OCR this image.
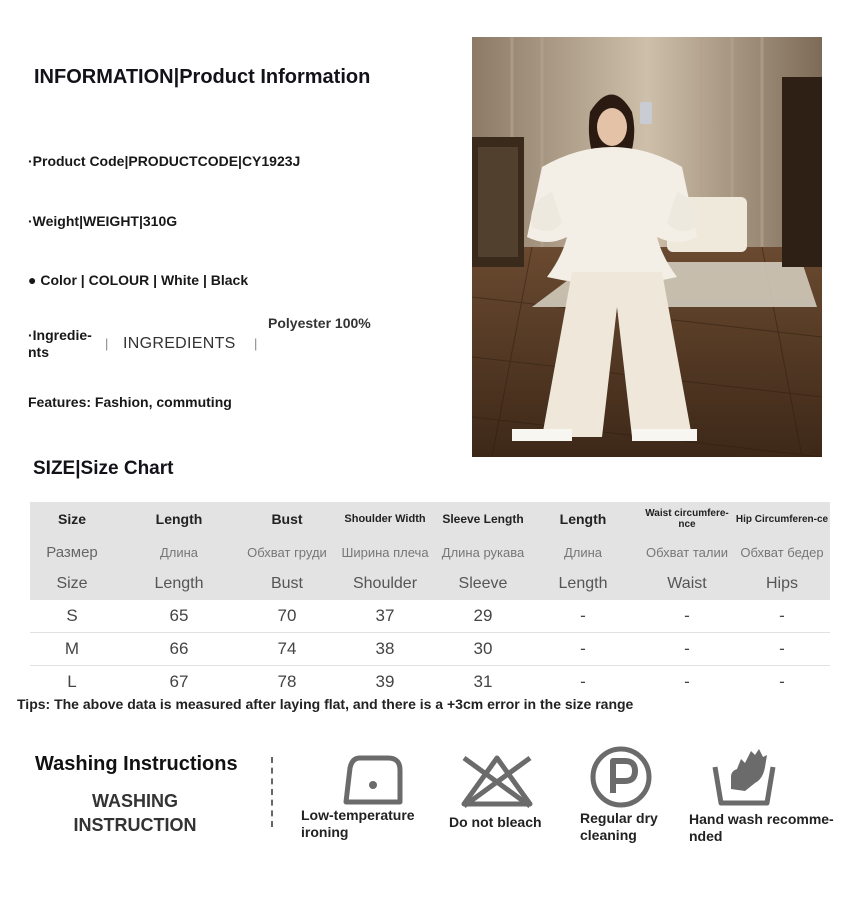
INFORMATION|Product Information
·Product Code|PRODUCTCODE|CY1923J
·Weight|WEIGHT|310G
● Color | COLOUR | White | Black
·Ingredie-nts
| INGREDIENTS |
Polyester 100%
Features: Fashion, commuting
SIZE|Size Chart
Size	Length	Bust	Shoulder Width	Sleeve Length	Length	Waist circumfere-nce	Hip Circumferen-ce
Размер	Длина	Обхват груди	Ширина плеча	Длина рукава	Длина	Обхват талии	Обхват бедер
Size	Length	Bust	Shoulder	Sleeve	Length	Waist	Hips
S	65	70	37	29	-	-	-
M	66	74	38	30	-	-	-
L	67	78	39	31	-	-	-
Tips: The above data is measured after laying flat, and there is a +3cm error in the size range
Washing Instructions
WASHING
INSTRUCTION	Low-temperature
ironing
Do not bleach	Regular dry
cleaning
Hand wash recomme-
nded
